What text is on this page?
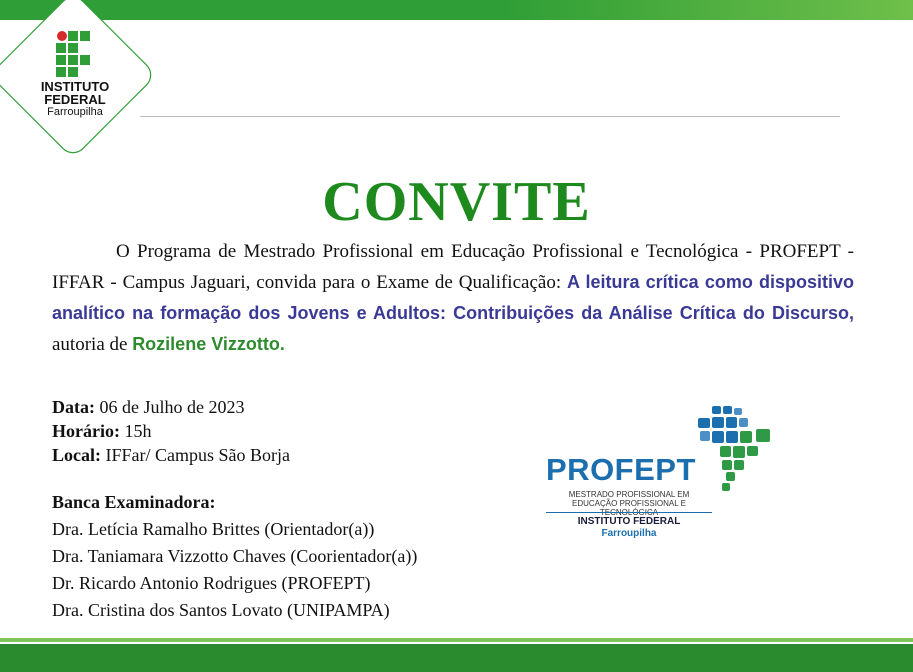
INSTITUTO
FEDERAL
Farroupilha
CONVITE
O Programa de Mestrado Profissional em Educação Profissional e Tecnológica - PROFEPT - IFFAR - Campus Jaguari, convida para o Exame de Qualificação: A leitura crítica como dispositivo analítico na formação dos Jovens e Adultos: Contribuições da Análise Crítica do Discurso, autoria de Rozilene Vizzotto.
Data: 06 de Julho de 2023
Horário: 15h
Local: IFFar/ Campus São Borja
Banca Examinadora:
Dra. Letícia Ramalho Brittes (Orientador(a))
Dra. Taniamara Vizzotto Chaves (Coorientador(a))
Dr. Ricardo Antonio Rodrigues (PROFEPT)
Dra. Cristina dos Santos Lovato (UNIPAMPA)
PROFEPT
MESTRADO PROFISSIONAL EM
EDUCAÇÃO PROFISSIONAL E
INSTITUTO FEDERAL
Farroupilha
